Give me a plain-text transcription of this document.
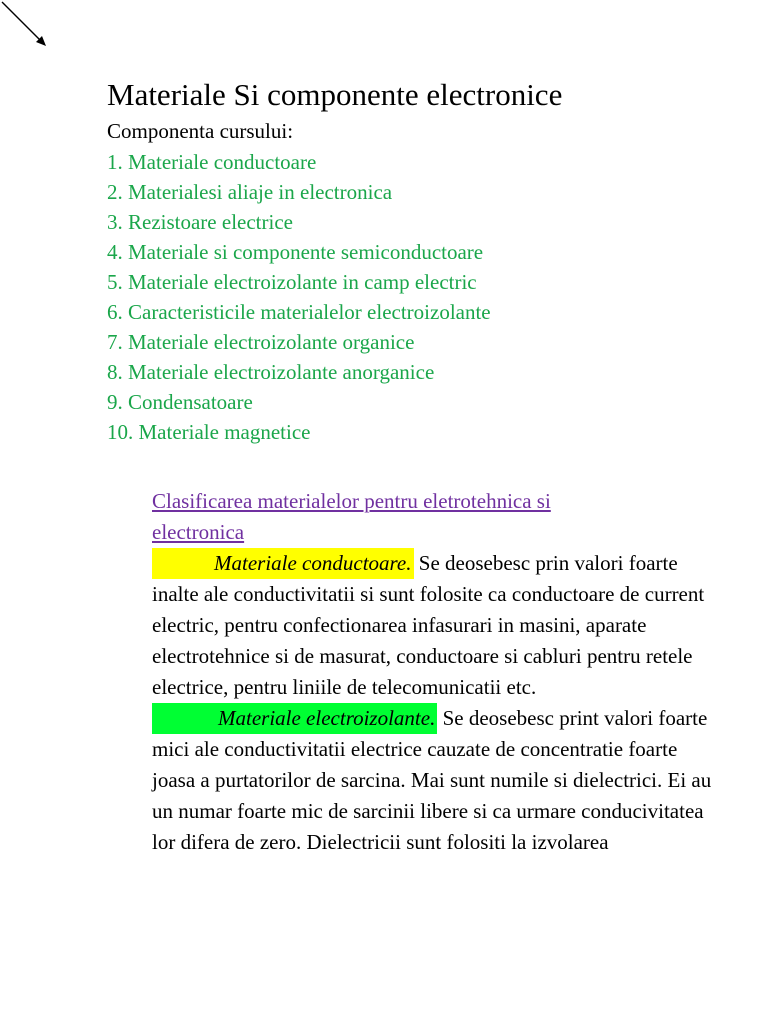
Materiale Si componente electronice
Componenta cursului:
1. Materiale conductoare
2. Materialesi aliaje in electronica
3. Rezistoare electrice
4. Materiale si componente semiconductoare
5. Materiale electroizolante in camp electric
6. Caracteristicile materialelor electroizolante
7. Materiale electroizolante organice
8. Materiale electroizolante anorganice
9. Condensatoare
10. Materiale magnetice
Clasificarea materialelor pentru eletrotehnica si
electronica

Materiale conductoare. Se deosebesc prin valori foarte inalte ale conductivitatii si sunt folosite ca conductoare de current electric, pentru confectionarea infasurari in masini, aparate electrotehnice si de masurat, conductoare si cabluri pentru retele electrice, pentru liniile de telecomunicatii etc.

Materiale electroizolante. Se deosebesc print valori foarte mici ale conductivitatii electrice cauzate de concentratie foarte joasa a purtatorilor de sarcina. Mai sunt numile si dielectrici. Ei au un numar foarte mic de sarcinii libere si ca urmare conducivitatea lor difera de zero. Dielectricii sunt folositi la izvolarea
